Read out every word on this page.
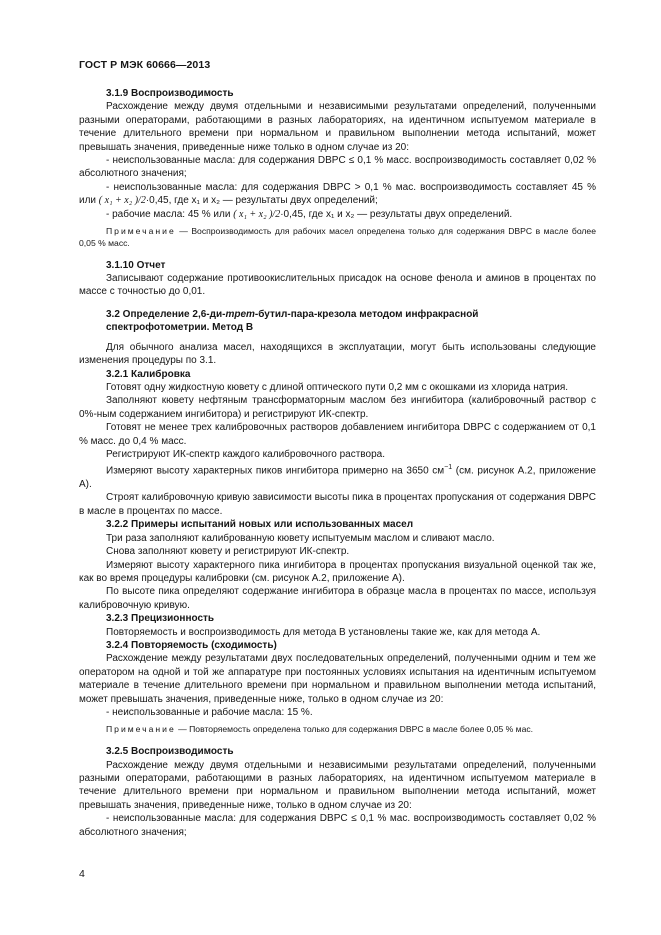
ГОСТ Р МЭК 60666—2013

3.1.9 Воспроизводимость

Расхождение между двумя отдельными и независимыми результатами определений, полученными разными операторами, работающими в разных лабораториях, на идентичном испытуемом материале в течение длительного времени при нормальном и правильном выполнении метода испытаний, может превышать значения, приведенные ниже только в одном случае из 20:

- неиспользованные масла: для содержания DBPC ≤ 0,1 % масс. воспроизводимость составляет 0,02 % абсолютного значения;

- неиспользованные масла: для содержания DBPC > 0,1 % мас. воспроизводимость составляет 45 % или ( x₁ + x₂ )/2·0,45, где x₁ и x₂ — результаты двух определений;

- рабочие масла: 45 % или ( x₁ + x₂ )/2·0,45, где x₁ и x₂ — результаты двух определений.

Примечание — Воспроизводимость для рабочих масел определена только для содержания DBPC в масле более 0,05 % масс.

3.1.10 Отчет

Записывают содержание противоокислительных присадок на основе фенола и аминов в процентах по массе с точностью до 0,01.

3.2 Определение 2,6-ди-трет-бутил-пара-крезола методом инфракрасной

спектрофотометрии. Метод В

Для обычного анализа масел, находящихся в эксплуатации, могут быть использованы следующие изменения процедуры по 3.1.

3.2.1 Калибровка

Готовят одну жидкостную кювету с длиной оптического пути 0,2 мм с окошками из хлорида натрия.

Заполняют кювету нефтяным трансформаторным маслом без ингибитора (калибровочный раствор с 0%-ным содержанием ингибитора) и регистрируют ИК-спектр.

Готовят не менее трех калибровочных растворов добавлением ингибитора DBPC с содержанием от 0,1 % масс. до 0,4 % масс.

Регистрируют ИК-спектр каждого калибровочного раствора.

Измеряют высоту характерных пиков ингибитора примерно на 3650 $см^{-1}$ (см. рисунок А.2, приложение А).

Строят калибровочную кривую зависимости высоты пика в процентах пропускания от содержания DBPC в масле в процентах по массе.

3.2.2 Примеры испытаний новых или использованных масел

Три раза заполняют калиброванную кювету испытуемым маслом и сливают масло.

Снова заполняют кювету и регистрируют ИК-спектр.

Измеряют высоту характерного пика ингибитора в процентах пропускания визуальной оценкой так же, как во время процедуры калибровки (см. рисунок А.2, приложение А).

По высоте пика определяют содержание ингибитора в образце масла в процентах по массе, используя калибровочную кривую.

3.2.3 Прецизионность

Повторяемость и воспроизводимость для метода В установлены такие же, как для метода А.

3.2.4 Повторяемость (сходимость)

Расхождение между результатами двух последовательных определений, полученными одним и тем же оператором на одной и той же аппаратуре при постоянных условиях испытания на идентичным испытуемом материале в течение длительного времени при нормальном и правильном выполнении метода испытаний, может превышать значения, приведенные ниже, только в одном случае из 20:

- неиспользованные и рабочие масла: 15 %.

Примечание — Повторяемость определена только для содержания DBPC в масле более 0,05 % мас.

3.2.5 Воспроизводимость

Расхождение между двумя отдельными и независимыми результатами определений, полученными разными операторами, работающими в разных лабораториях, на идентичном испытуемом материале в течение длительного времени при нормальном и правильном выполнении метода испытаний, может превышать значения, приведенные ниже, только в одном случае из 20:

- неиспользованные масла: для содержания DBPC ≤ 0,1 % мас. воспроизводимость составляет 0,02 % абсолютного значения;

4
